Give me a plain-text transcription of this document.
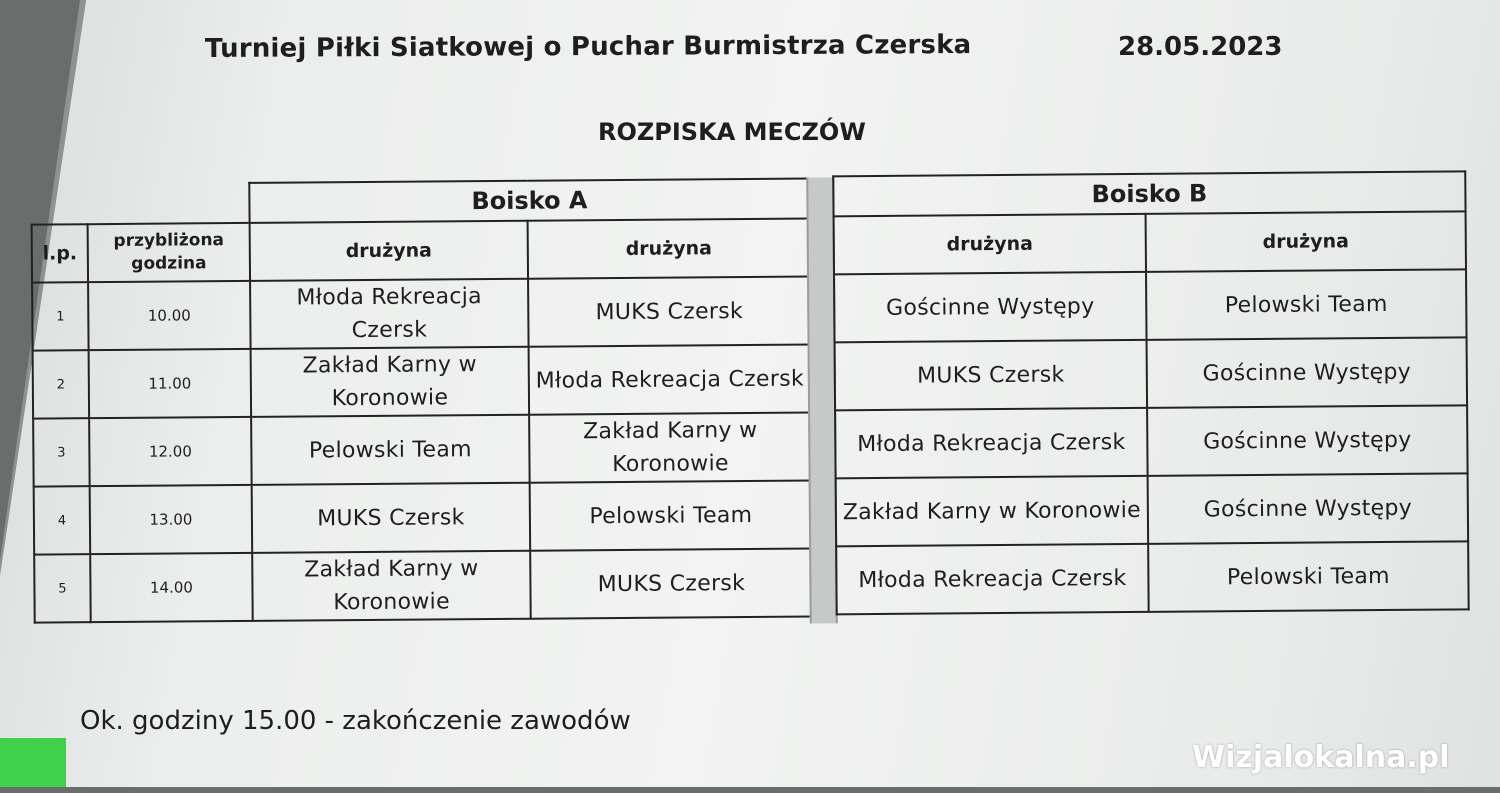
Turniej Piłki Siatkowej o Puchar Burmistrza Czerska	28.05.2023
ROZPISKA MECZÓW
		Boisko A	
l.p.	przybliżona godzina	drużyna	drużyna
1	10.00	Młoda Rekreacja Czersk	MUKS Czersk
2	11.00	Zakład Karny w Koronowie	Młoda Rekreacja Czersk
3	12.00	Pelowski Team	Zakład Karny w Koronowie
4	13.00	MUKS Czersk	Pelowski Team
5	14.00	Zakład Karny w Koronowie	MUKS Czersk
Boisko B	
drużyna	drużyna
Gościnne Występy	Pelowski Team
MUKS Czersk	Gościnne Występy
Młoda Rekreacja Czersk	Gościnne Występy
Zakład Karny w Koronowie	Gościnne Występy
Młoda Rekreacja Czersk	Pelowski Team
Ok. godziny 15.00 - zakończenie zawodów
Wizjalokalna.pl
